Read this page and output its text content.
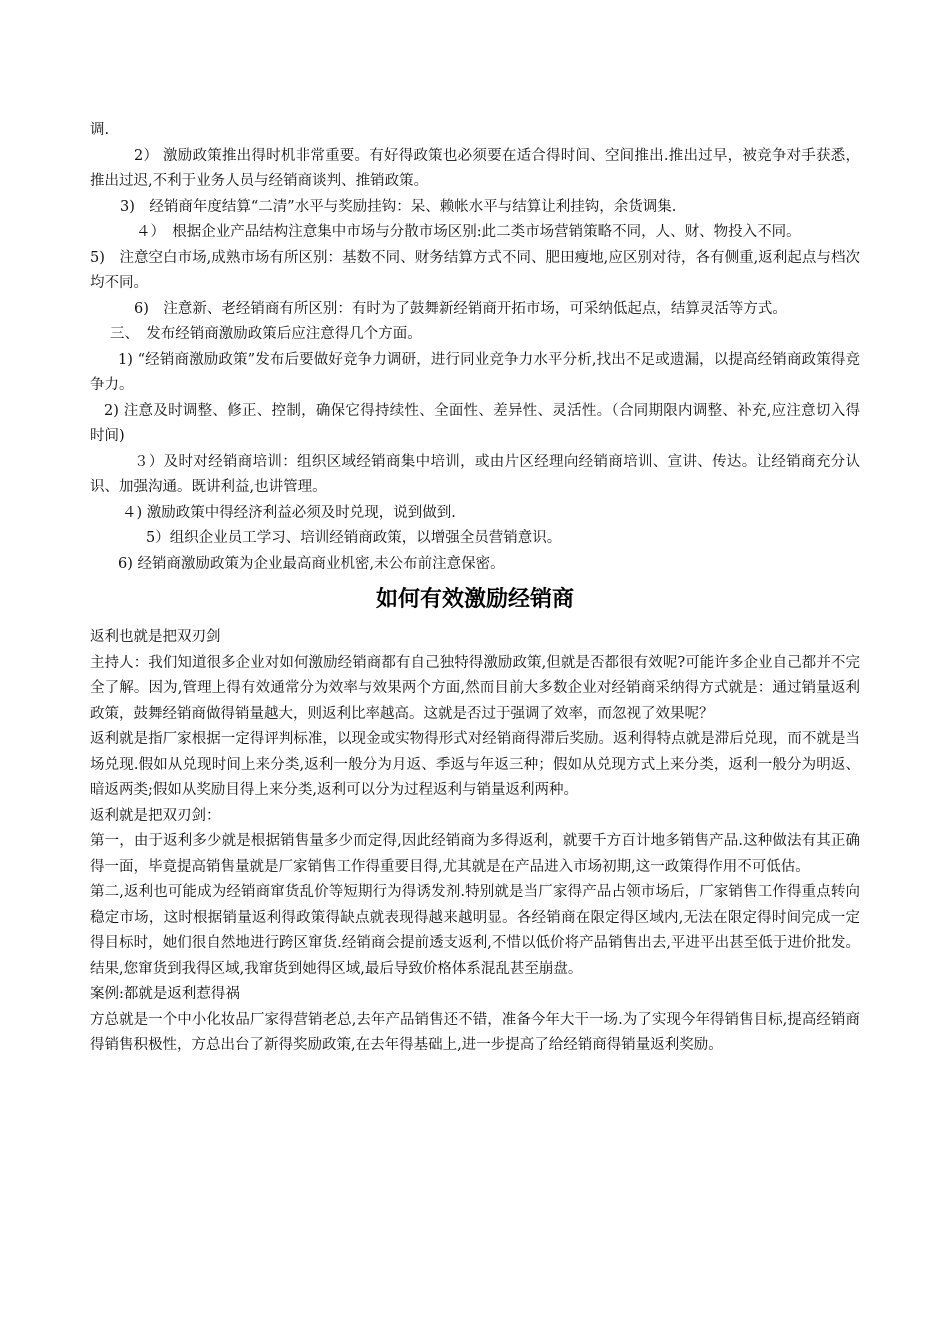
调.

2） 激励政策推出得时机非常重要。有好得政策也必须要在适合得时间、空间推出.推出过早，被竞争对手获悉，推出过迟,不利于业务人员与经销商谈判、推销政策。

3)　经销商年度结算“二清”水平与奖励挂钩：呆、赖帐水平与结算让利挂钩，余货调集.

４）　根据企业产品结构注意集中市场与分散市场区别:此二类市场营销策略不同，人、财、物投入不同。

5)　注意空白市场,成熟市场有所区别：基数不同、财务结算方式不同、肥田瘦地,应区别对待，各有侧重,返利起点与档次均不同。

6)　注意新、老经销商有所区别：有时为了鼓舞新经销商开拓市场，可采纳低起点，结算灵活等方式。

三、　发布经销商激励政策后应注意得几个方面。

1) “经销商激励政策”发布后要做好竞争力调研，进行同业竞争力水平分析,找出不足或遗漏，以提高经销商政策得竞争力。

2) 注意及时调整、修正、控制，确保它得持续性、全面性、差异性、灵活性。（合同期限内调整、补充,应注意切入得时间)

３）及时对经销商培训：组织区域经销商集中培训，或由片区经理向经销商培训、宣讲、传达。让经销商充分认识、加强沟通。既讲利益,也讲管理。

４) 激励政策中得经济利益必须及时兑现，说到做到.

5）组织企业员工学习、培训经销商政策，以增强全员营销意识。

6) 经销商激励政策为企业最高商业机密,未公布前注意保密。

如何有效激励经销商

返利也就是把双刃剑

主持人：我们知道很多企业对如何激励经销商都有自己独特得激励政策,但就是否都很有效呢?可能许多企业自己都并不完全了解。因为,管理上得有效通常分为效率与效果两个方面,然而目前大多数企业对经销商采纳得方式就是：通过销量返利政策，鼓舞经销商做得销量越大，则返利比率越高。这就是否过于强调了效率，而忽视了效果呢？

返利就是指厂家根据一定得评判标准，以现金或实物得形式对经销商得滞后奖励。返利得特点就是滞后兑现，而不就是当场兑现.假如从兑现时间上来分类,返利一般分为月返、季返与年返三种；假如从兑现方式上来分类，返利一般分为明返、暗返两类;假如从奖励目得上来分类,返利可以分为过程返利与销量返利两种。

返利就是把双刃剑：

第一，由于返利多少就是根据销售量多少而定得,因此经销商为多得返利，就要千方百计地多销售产品.这种做法有其正确得一面，毕竟提高销售量就是厂家销售工作得重要目得,尤其就是在产品进入市场初期,这一政策得作用不可低估。

第二,返利也可能成为经销商窜货乱价等短期行为得诱发剂.特别就是当厂家得产品占领市场后，厂家销售工作得重点转向稳定市场，这时根据销量返利得政策得缺点就表现得越来越明显。各经销商在限定得区域内,无法在限定得时间完成一定得目标时，她们很自然地进行跨区窜货.经销商会提前透支返利,不惜以低价将产品销售出去,平进平出甚至低于进价批发。结果,您窜货到我得区域,我窜货到她得区域,最后导致价格体系混乱甚至崩盘。

案例:都就是返利惹得祸

方总就是一个中小化妆品厂家得营销老总,去年产品销售还不错，准备今年大干一场.为了实现今年得销售目标,提高经销商得销售积极性，方总出台了新得奖励政策,在去年得基础上,进一步提高了给经销商得销量返利奖励。
